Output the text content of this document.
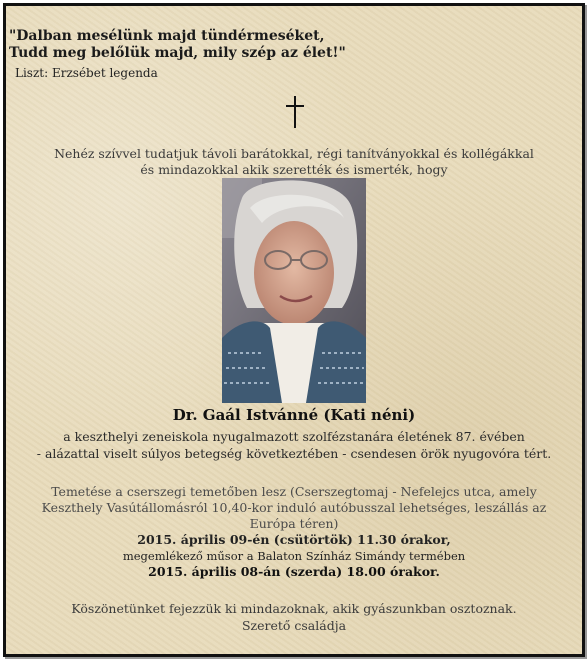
"Dalban mesélünk majd tündérmeséket,
Tudd meg belőlük majd, mily szép az élet!"
Liszt: Erzsébet legenda
Nehéz szívvel tudatjuk távoli barátokkal, régi tanítványokkal és kollégákkal
és mindazokkal akik szerették és ismerték, hogy
Dr. Gaál Istvánné (Kati néni)
a keszthelyi zeneiskola nyugalmazott szolfézstanára életének 87. évében
- alázattal viselt súlyos betegség következtében - csendesen örök nyugovóra tért.
Temetése a cserszegi temetőben lesz (Cserszegtomaj - Nefelejcs utca, amely
Keszthely Vasútállomásról 10,40-kor induló autóbusszal lehetséges, leszállás az
Európa téren)
2015. április 09-én (csütörtök) 11.30 órakor,
megemlékező műsor a Balaton Színház Simándy termében
2015. április 08-án (szerda) 18.00 órakor.
Köszönetünket fejezzük ki mindazoknak, akik gyászunkban osztoznak.
Szerető családja
